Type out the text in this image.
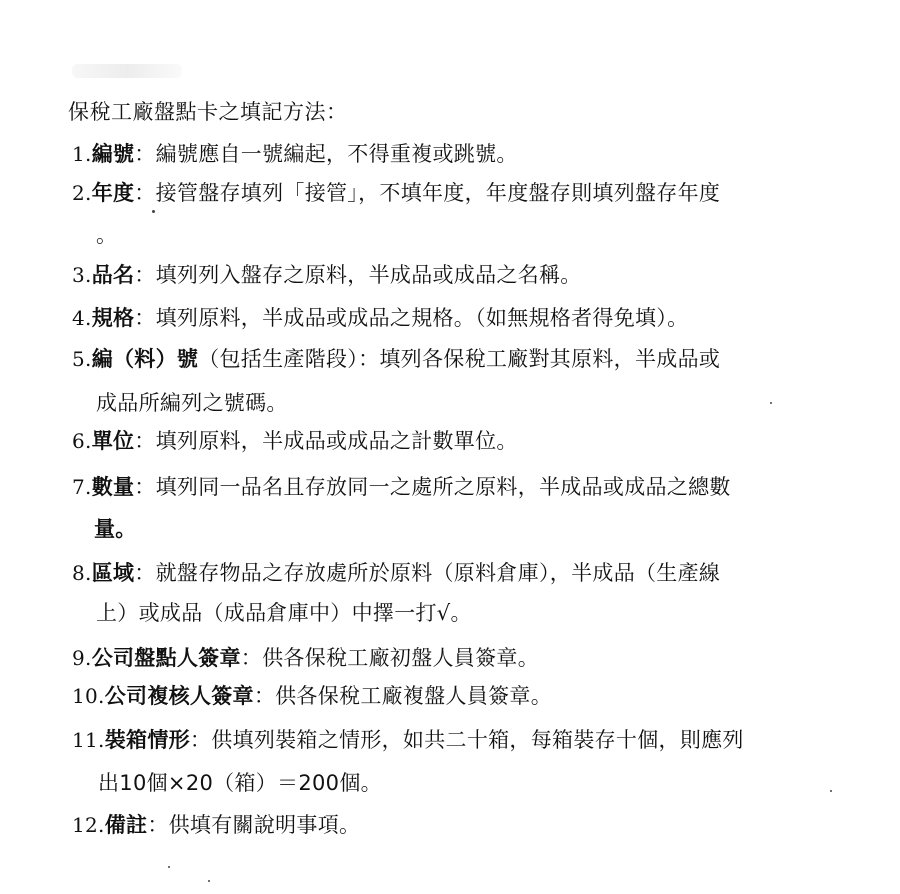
保稅工廠盤點卡之填記方法：
1.編號：編號應自一號編起，不得重複或跳號。
2.年度：接管盤存填列「接管」，不填年度，年度盤存則填列盤存年度
。
3.品名：填列列入盤存之原料，半成品或成品之名稱。
4.規格：填列原料，半成品或成品之規格。（如無規格者得免填）。
5.編（料）號（包括生產階段）：填列各保稅工廠對其原料，半成品或
成品所編列之號碼。
6.單位：填列原料，半成品或成品之計數單位。
7.數量：填列同一品名且存放同一之處所之原料，半成品或成品之總數
量。
8.區域：就盤存物品之存放處所於原料（原料倉庫），半成品（生產線
上）或成品（成品倉庫中）中擇一打√。
9.公司盤點人簽章：供各保稅工廠初盤人員簽章。
10.公司複核人簽章：供各保稅工廠複盤人員簽章。
11.裝箱情形：供填列裝箱之情形，如共二十箱，每箱裝存十個，則應列
出10個×20（箱）＝200個。
12.備註：供填有關說明事項。
